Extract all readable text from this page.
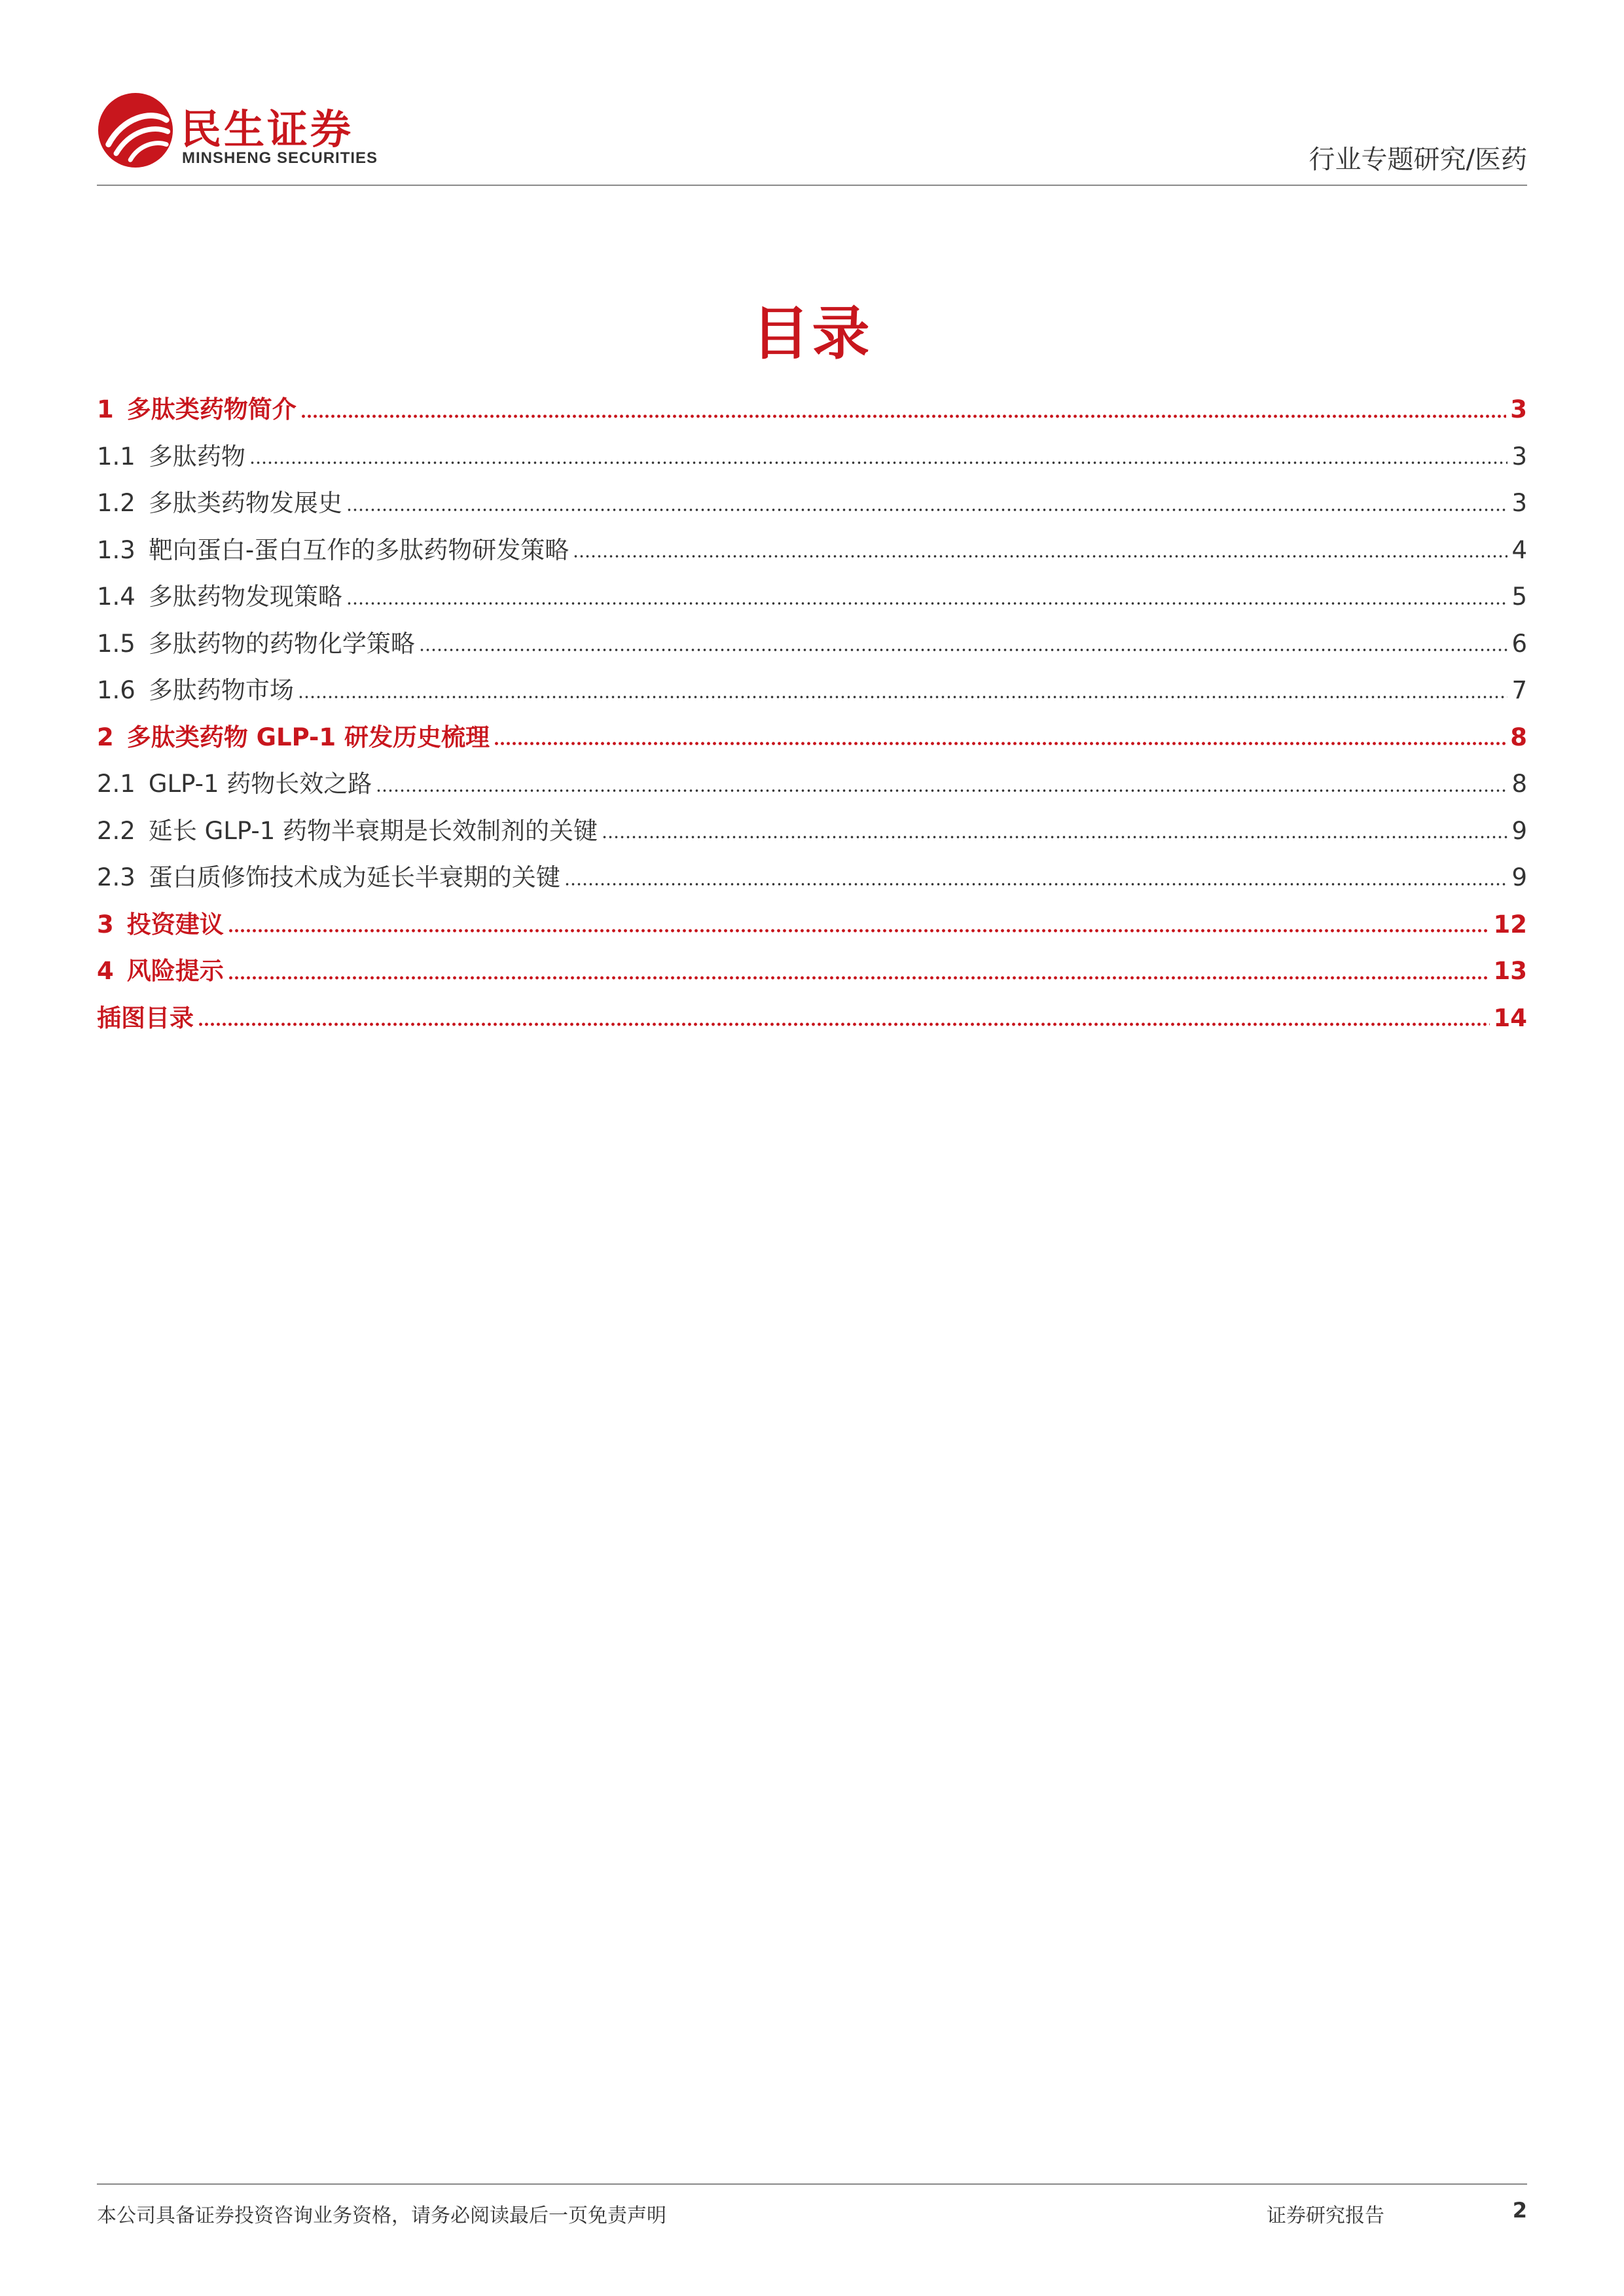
民生证券
MINSHENG SECURITIES	行业专题研究/医药
目录
1 多肽类药物简介	3
1.1 多肽药物	3
1.2 多肽类药物发展史	3
1.3 靶向蛋白-蛋白互作的多肽药物研发策略	4
1.4 多肽药物发现策略	5
1.5 多肽药物的药物化学策略	6
1.6 多肽药物市场	7
2 多肽类药物 GLP-1 研发历史梳理	8
2.1 GLP-1 药物长效之路	8
2.2 延长 GLP-1 药物半衰期是长效制剂的关键	9
2.3 蛋白质修饰技术成为延长半衰期的关键	9
3 投资建议	12
4 风险提示	13
插图目录	14
本公司具备证券投资咨询业务资格，请务必阅读最后一页免责声明	证券研究报告	2
